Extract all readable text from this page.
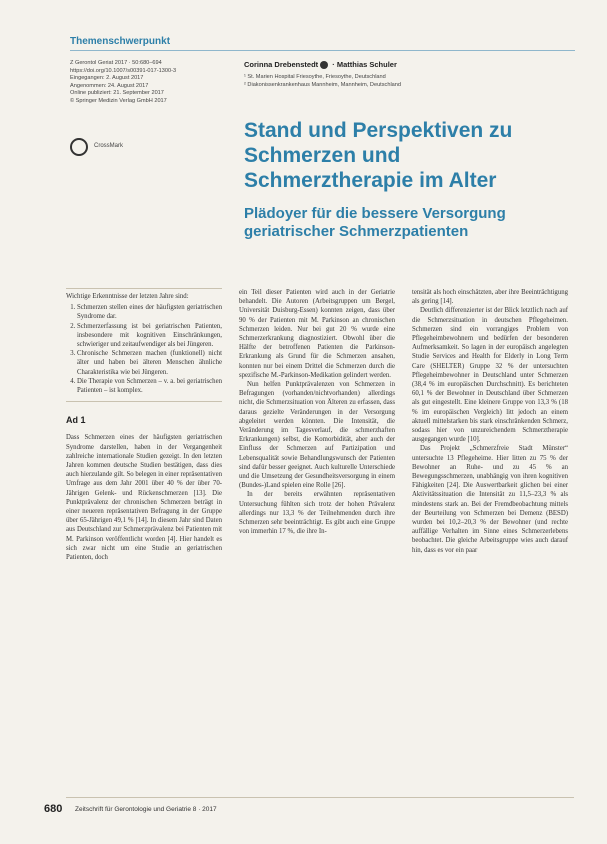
Themenschwerpunkt
Z Gerontol Geriat 2017 · 50:680–694
https://doi.org/10.1007/s00391-017-1300-3
Eingegangen: 2. August 2017
Angenommen: 24. August 2017
Online publiziert: 21. September 2017
© Springer Medizin Verlag GmbH 2017
Corinna Drebenstedt · Matthias Schuler
¹ St. Marien Hospital Friesoythe, Friesoythe, Deutschland
² Diakonissenkrankenhaus Mannheim, Mannheim, Deutschland
CrossMark
Stand und Perspektiven zu Schmerzen und Schmerztherapie im Alter
Plädoyer für die bessere Versorgung geriatrischer Schmerzpatienten

Wichtige Erkenntnisse der letzten Jahre sind:

1. Schmerzen stellen eines der häufigsten geriatrischen Syndrome dar.
2. Schmerzerfassung ist bei geriatrischen Patienten, insbesondere mit kognitiven Einschränkungen, schwieriger und zeitaufwendiger als bei Jüngeren.
3. Chronische Schmerzen machen (funktionell) nicht älter und haben bei älteren Menschen ähnliche Charakteristika wie bei Jüngeren.
4. Die Therapie von Schmerzen – v. a. bei geriatrischen Patienten – ist komplex.
Ad 1

Dass Schmerzen eines der häufigsten geriatrischen Syndrome darstellen, haben in der Vergangenheit zahlreiche internationale Studien gezeigt. In den letzten Jahren kommen deutsche Studien bestätigen, dass dies auch hierzulande gilt. So belegen in einer repräsentativen Umfrage aus dem Jahr 2001 über 40 % der über 70-Jährigen Gelenk- und Rückenschmerzen [13]. Die Punktprävalenz der chronischen Schmerzen beträgt in einer neueren repräsentativen Befragung in der Gruppe über 65-Jährigen 49,1 % [14]. In diesem Jahr sind Daten aus Deutschland zur Schmerzprävalenz bei Patienten mit M. Parkinson veröffentlicht worden [4]. Hier handelt es sich zwar nicht um eine Studie an geriatrischen Patienten, doch

ein Teil dieser Patienten wird auch in der Geriatrie behandelt. Die Autoren (Arbeitsgruppen um Bergel, Universität Duisburg-Essen) konnten zeigen, dass über 90 % der Patienten mit M. Parkinson an chronischen Schmerzen leiden. Nur bei gut 20 % wurde eine Schmerzerkrankung diagnostiziert. Obwohl über die Hälfte der betroffenen Patienten die Parkinson-Erkrankung als Grund für die Schmerzen ansahen, konnten nur bei einem Drittel die Schmerzen durch die spezifische M.-Parkinson-Medikation gelindert werden.

Nun helfen Punktprävalenzen von Schmerzen in Befragungen (vorhanden/nichtvorhanden) allerdings nicht, die Schmerzsituation von Älteren zu erfassen, dass daraus gezielte Veränderungen in der Versorgung abgeleitet werden könnten. Die Intensität, die Veränderung im Tagesverlauf, die schmerzhaften Erkrankungen) selbst, die Komorbidität, aber auch der Einfluss der Schmerzen auf Partizipation und Lebensqualität sowie Behandlungswunsch der Patienten sind dafür besser geeignet. Auch kulturelle Unterschiede und die Umsetzung der Gesundheitsversorgung in einem (Bundes-)Land spielen eine Rolle [26].

In der bereits erwähnten repräsentativen Untersuchung fühlten sich trotz der hohen Prävalenz allerdings nur 13,3 % der Teilnehmenden durch ihre Schmerzen sehr beeinträchtigt. Es gibt auch eine Gruppe von immerhin 17 %, die ihre In-

tensität als hoch einschätzten, aber ihre Beeinträchtigung als gering [14].

Deutlich differenzierter ist der Blick letztlich nach auf die Schmerzsituation in deutschen Pflegeheimen. Schmerzen sind ein vorrangiges Problem von Pflegeheimbewohnern und bedürfen der besonderen Aufmerksamkeit. So lagen in der europäisch angelegten Studie Services and Health for Elderly in Long Term Care (SHELTER) Gruppe 32 % der untersuchten Pflegeheimbewohner in Deutschland unter Schmerzen (38,4 % im europäischen Durchschnitt). Es berichteten 60,1 % der Bewohner in Deutschland über Schmerzen als gut eingestellt. Eine kleinere Gruppe von 13,3 % (18 % im europäischen Vergleich) litt jedoch an einem aktuell mittelstarken bis stark einschränkenden Schmerz, sodass hier von unzureichendem Schmerztherapie ausgegangen wurde [10].

Das Projekt „Schmerzfreie Stadt Münster“ untersuchte 13 Pflegeheime. Hier litten zu 75 % der Bewohner an Ruhe- und zu 45 % an Bewegungsschmerzen, unabhängig von ihren kognitiven Fähigkeiten [24]. Die Auswertbarkeit glichen bei einer Aktivitätssituation die Intensität zu 11,5–23,3 % als mindestens stark an. Bei der Fremdbeobachtung mittels der Beurteilung von Schmerzen bei Demenz (BESD) wurden bei 10,2–20,3 % der Bewohner (und rechte auffällige Verhalten im Sinne eines Schmerzerlebens beobachtet. Die gleiche Arbeitsgruppe wies auch darauf hin, dass es vor ein paar

680 Zeitschrift für Gerontologie und Geriatrie 8 · 2017
